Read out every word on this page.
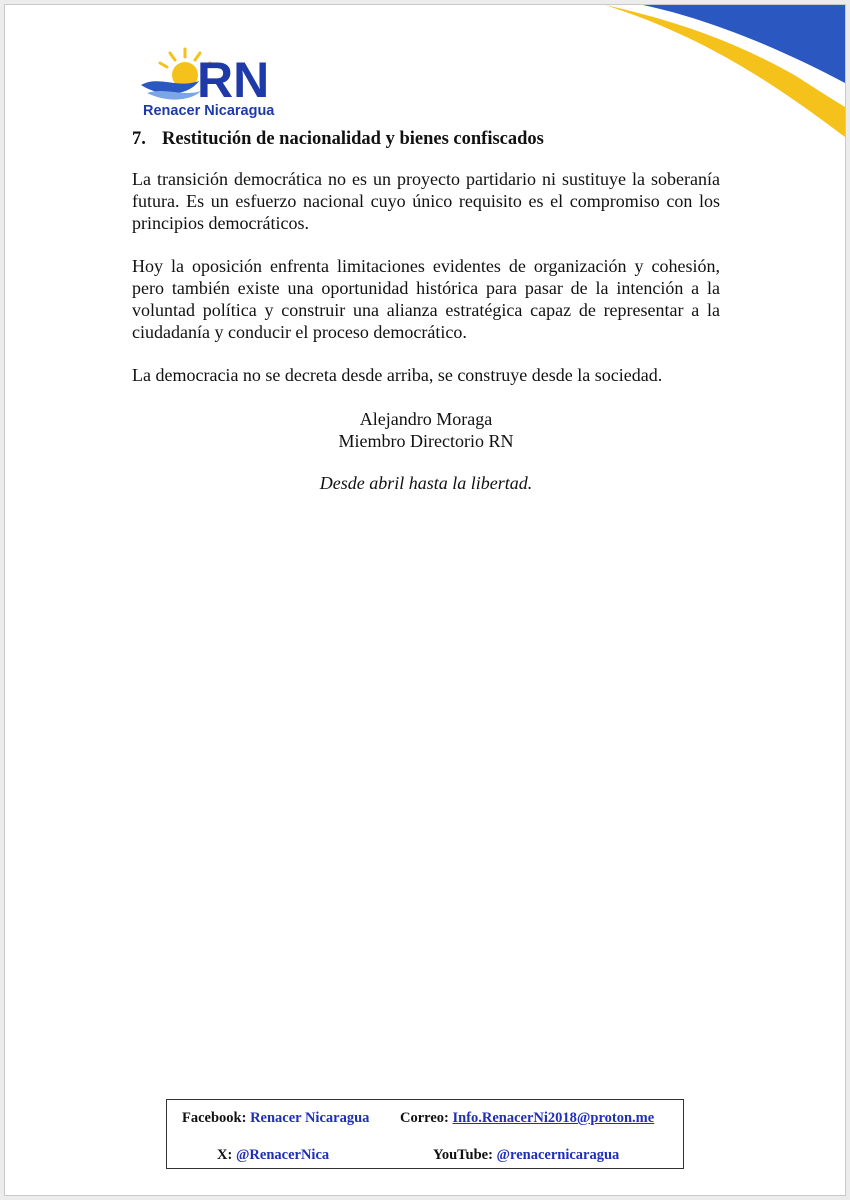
RN
Renacer Nicaragua
7. Restitución de nacionalidad y bienes confiscados

La transición democrática no es un proyecto partidario ni sustituye la soberanía futura. Es un esfuerzo nacional cuyo único requisito es el compromiso con los principios democráticos.

Hoy la oposición enfrenta limitaciones evidentes de organización y cohesión, pero también existe una oportunidad histórica para pasar de la intención a la voluntad política y construir una alianza estratégica capaz de representar a la ciudadanía y conducir el proceso democrático.

La democracia no se decreta desde arriba, se construye desde la sociedad.

Alejandro Moraga
Miembro Directorio RN
Desde abril hasta la libertad.
Facebook: Renacer Nicaragua Correo: Info.RenacerNi2018@proton.me
X: @RenacerNica	YouTube: @renacernicaragua
